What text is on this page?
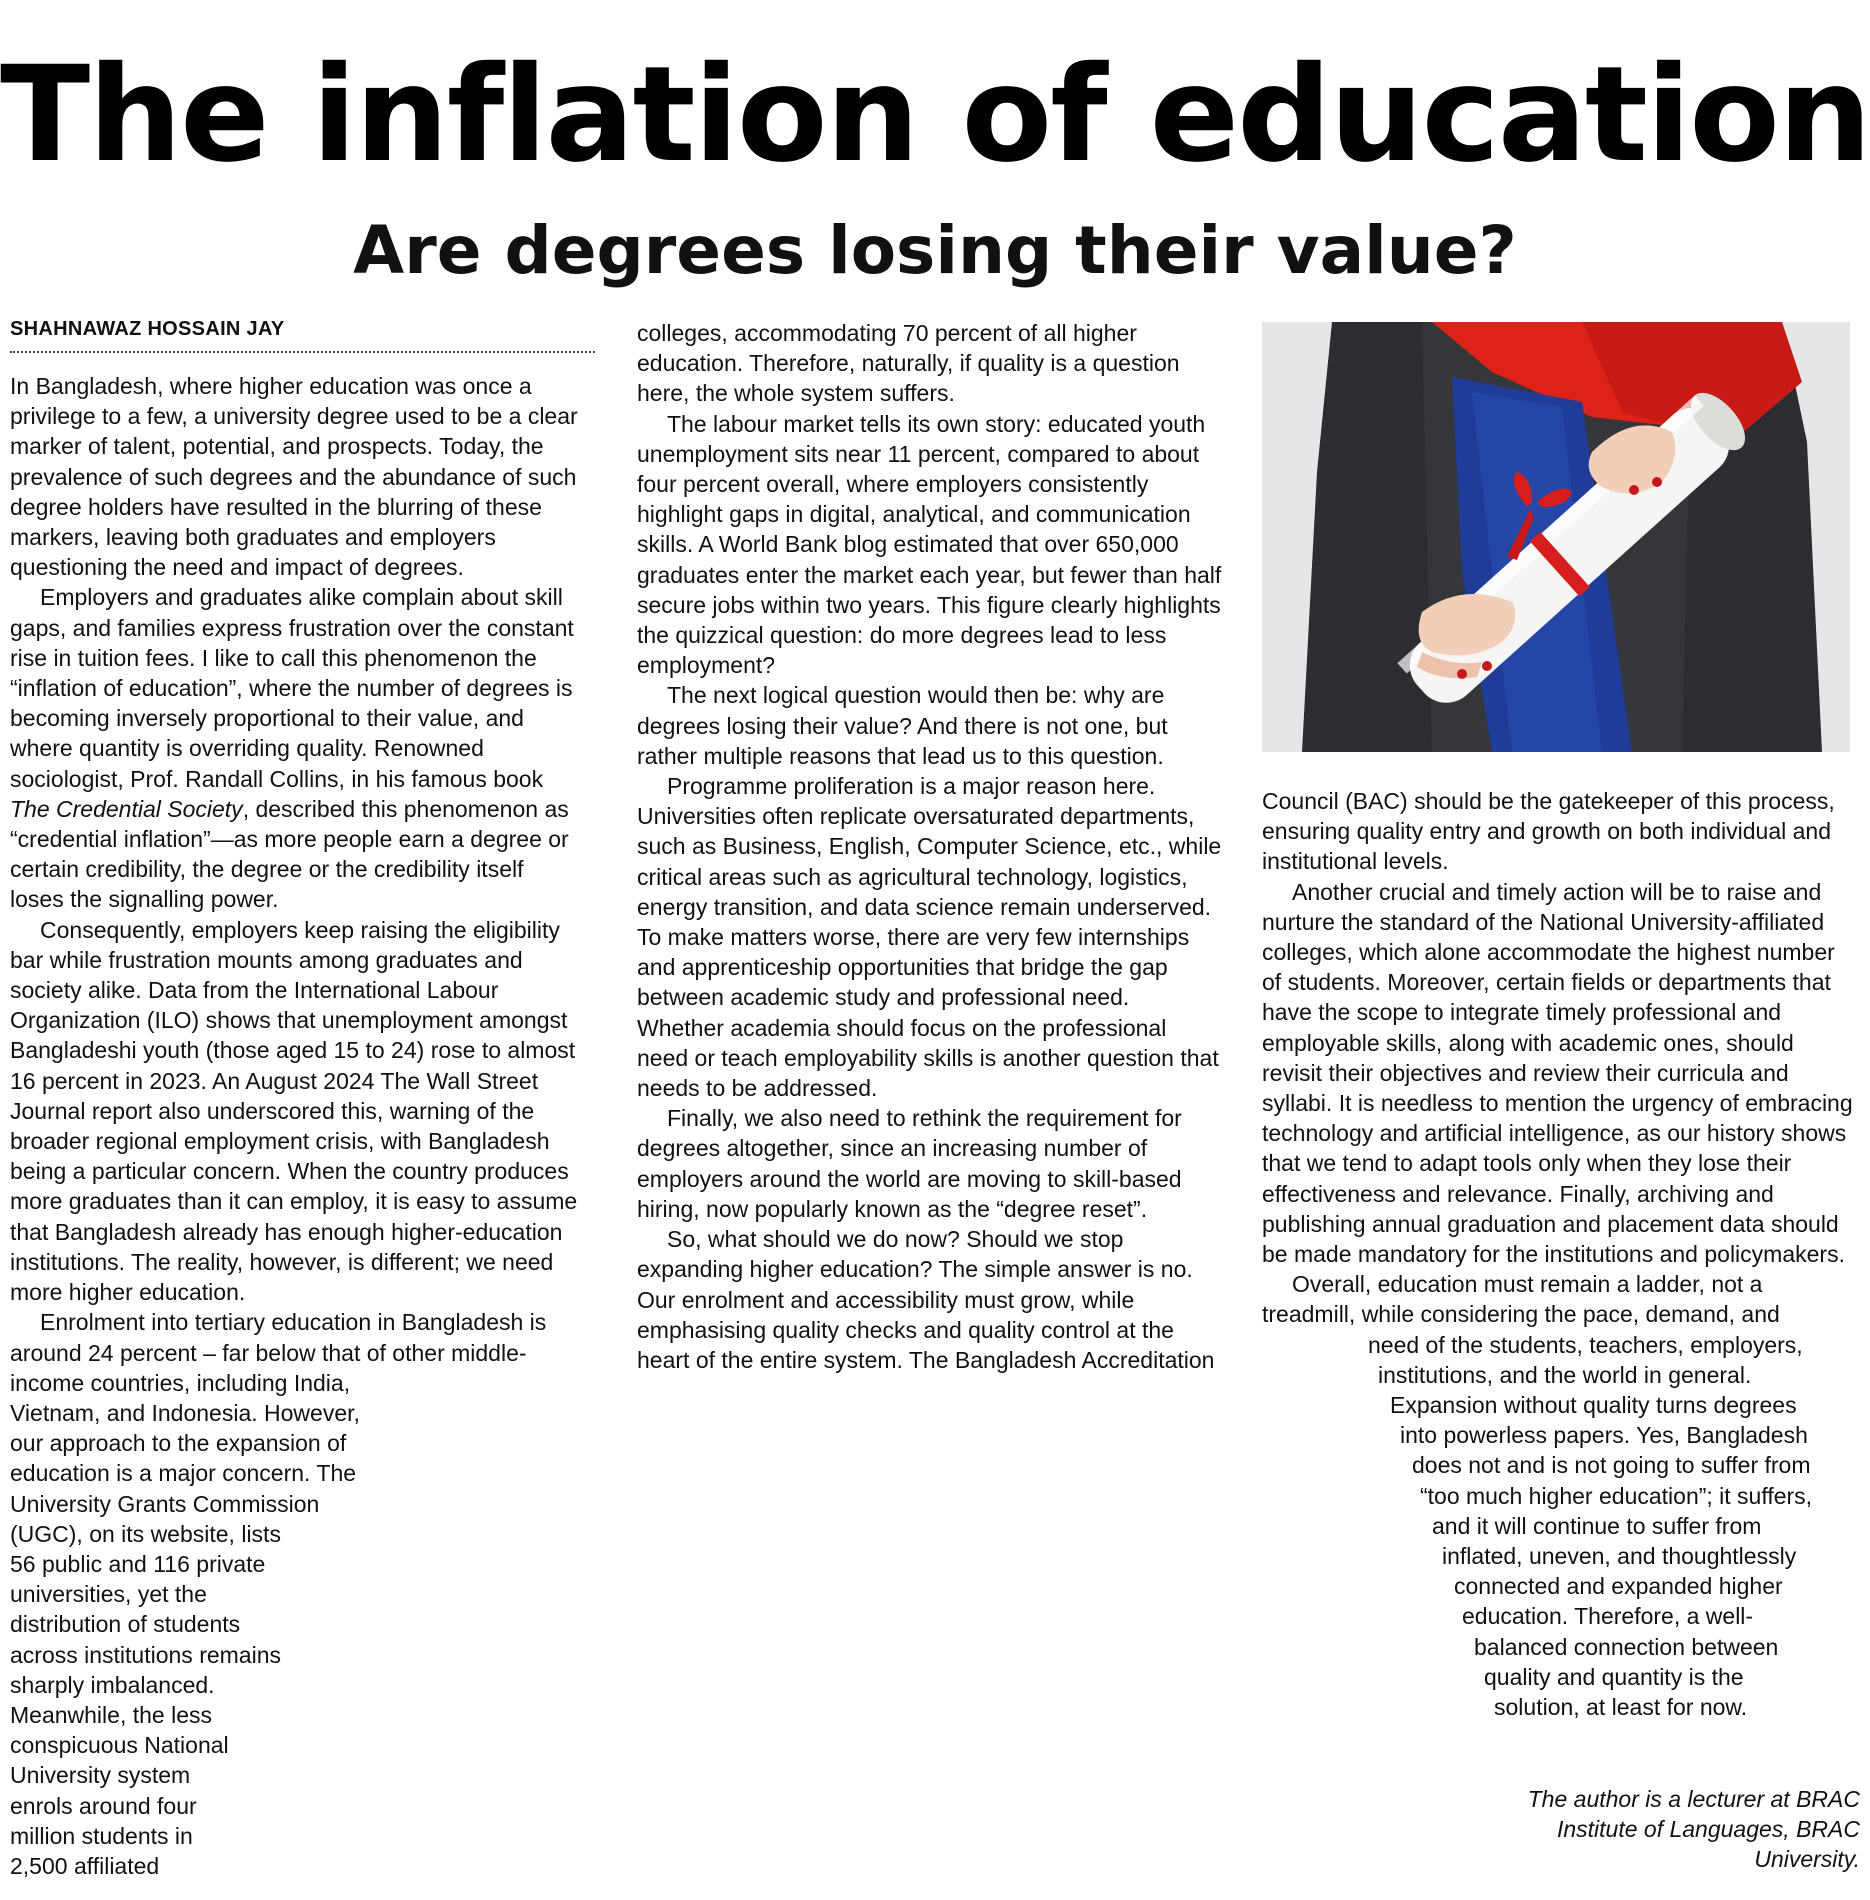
The inflation of education
Are degrees losing their value?
SHAHNAWAZ HOSSAIN JAY

In Bangladesh, where higher education was once a privilege to a few, a university degree used to be a clear marker of talent, potential, and prospects. Today, the prevalence of such degrees and the abundance of such degree holders have resulted in the blurring of these markers, leaving both graduates and employers questioning the need and impact of degrees.

Employers and graduates alike complain about skill gaps, and families express frustration over the constant rise in tuition fees. I like to call this phenomenon the “inflation of education”, where the number of degrees is becoming inversely proportional to their value, and where quantity is overriding quality. Renowned sociologist, Prof. Randall Collins, in his famous book The Credential Society, described this phenomenon as “credential inflation”—as more people earn a degree or certain credibility, the degree or the credibility itself loses the signalling power.

Consequently, employers keep raising the eligibility bar while frustration mounts among graduates and society alike. Data from the International Labour Organization (ILO) shows that unemployment amongst Bangladeshi youth (those aged 15 to 24) rose to almost 16 percent in 2023. An August 2024 The Wall Street Journal report also underscored this, warning of the broader regional employment crisis, with Bangladesh being a particular concern. When the country produces more graduates than it can employ, it is easy to assume that Bangladesh already has enough higher-education institutions. The reality, however, is different; we need more higher education.

Enrolment into tertiary education in Bangladesh is
around 24 percent – far below that of other middle-
income countries, including India,
Vietnam, and Indonesia. However,
our approach to the expansion of
education is a major concern. The
University Grants Commission
(UGC), on its website, lists
56 public and 116 private
universities, yet the
distribution of students
across institutions remains
sharply imbalanced.
Meanwhile, the less
conspicuous National
University system
enrols around four
million students in
2,500 affiliated

colleges, accommodating 70 percent of all higher education. Therefore, naturally, if quality is a question here, the whole system suffers.

The labour market tells its own story: educated youth unemployment sits near 11 percent, compared to about four percent overall, where employers consistently highlight gaps in digital, analytical, and communication skills. A World Bank blog estimated that over 650,000 graduates enter the market each year, but fewer than half secure jobs within two years. This figure clearly highlights the quizzical question: do more degrees lead to less employment?

The next logical question would then be: why are degrees losing their value? And there is not one, but rather multiple reasons that lead us to this question.

Programme proliferation is a major reason here. Universities often replicate oversaturated departments, such as Business, English, Computer Science, etc., while critical areas such as agricultural technology, logistics, energy transition, and data science remain underserved. To make matters worse, there are very few internships and apprenticeship opportunities that bridge the gap between academic study and professional need. Whether academia should focus on the professional need or teach employability skills is another question that needs to be addressed.

Finally, we also need to rethink the requirement for degrees altogether, since an increasing number of employers around the world are moving to skill-based hiring, now popularly known as the “degree reset”.

So, what should we do now? Should we stop expanding higher education? The simple answer is no. Our enrolment and accessibility must grow, while emphasising quality checks and quality control at the heart of the entire system. The Bangladesh Accreditation

Council (BAC) should be the gatekeeper of this process, ensuring quality entry and growth on both individual and institutional levels.

Another crucial and timely action will be to raise and nurture the standard of the National University-affiliated colleges, which alone accommodate the highest number of students. Moreover, certain fields or departments that have the scope to integrate timely professional and employable skills, along with academic ones, should revisit their objectives and review their curricula and syllabi. It is needless to mention the urgency of embracing technology and artificial intelligence, as our history shows that we tend to adapt tools only when they lose their effectiveness and relevance. Finally, archiving and publishing annual graduation and placement data should be made mandatory for the institutions and policymakers.

Overall, education must remain a ladder, not a
treadmill, while considering the pace, demand, and
need of the students, teachers, employers,
institutions, and the world in general.
Expansion without quality turns degrees
into powerless papers. Yes, Bangladesh
does not and is not going to suffer from
“too much higher education”; it suffers,
and it will continue to suffer from
inflated, uneven, and thoughtlessly
connected and expanded higher
education. Therefore, a well-
balanced connection between
quality and quantity is the
solution, at least for now.

The author is a lecturer at BRAC

Institute of Languages, BRAC

University.
